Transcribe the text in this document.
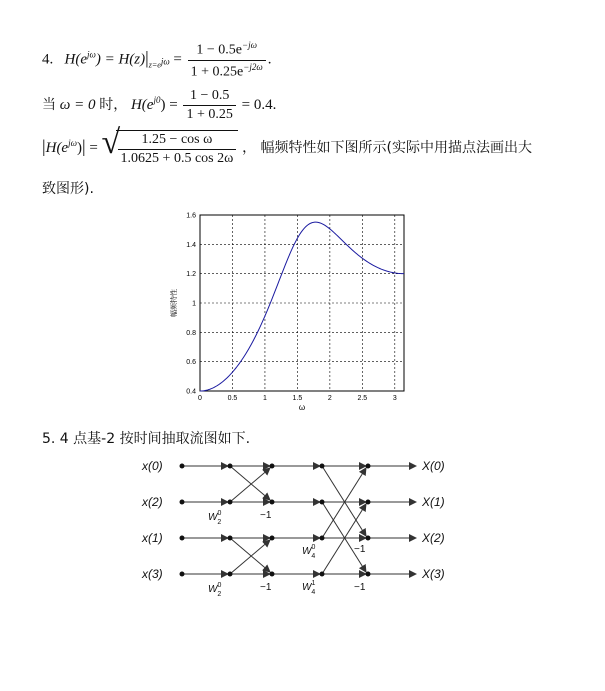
4. $H(e^{j\omega}) = H(z)|_{z=e^{j\omega}} = \frac{1 - 0.5e^{-j\omega}}{1 + 0.25e^{-j2\omega}}$ .
当 ω = 0 时， $H(e^{j0}) = \frac{1 - 0.5}{1 + 0.25} = 0.4$.
$|H(e^{j\omega})|$ = √
$\frac{\text{1.25 − cos ω}}{1.0625 + 0.5 \cos 2\omega}$ ， 幅频特性如下图所示(实际中用描点法画出大
致图形).
0	0.5	1	1.5	2	2.5	3
0.4
0.6
0.8
1
1.2
1.4
1.6
ω
幅频特性
5. 4 点基-2 按时间抽取流图如下.
x(0)
x(2)
x(1)
x(3)
X(0)
X(1)
X(2)
X(3)
$W^0$ 2
$W^0$ 2
$W^0$ 4
$W^1$ 4
−1
−1
−1
−1
